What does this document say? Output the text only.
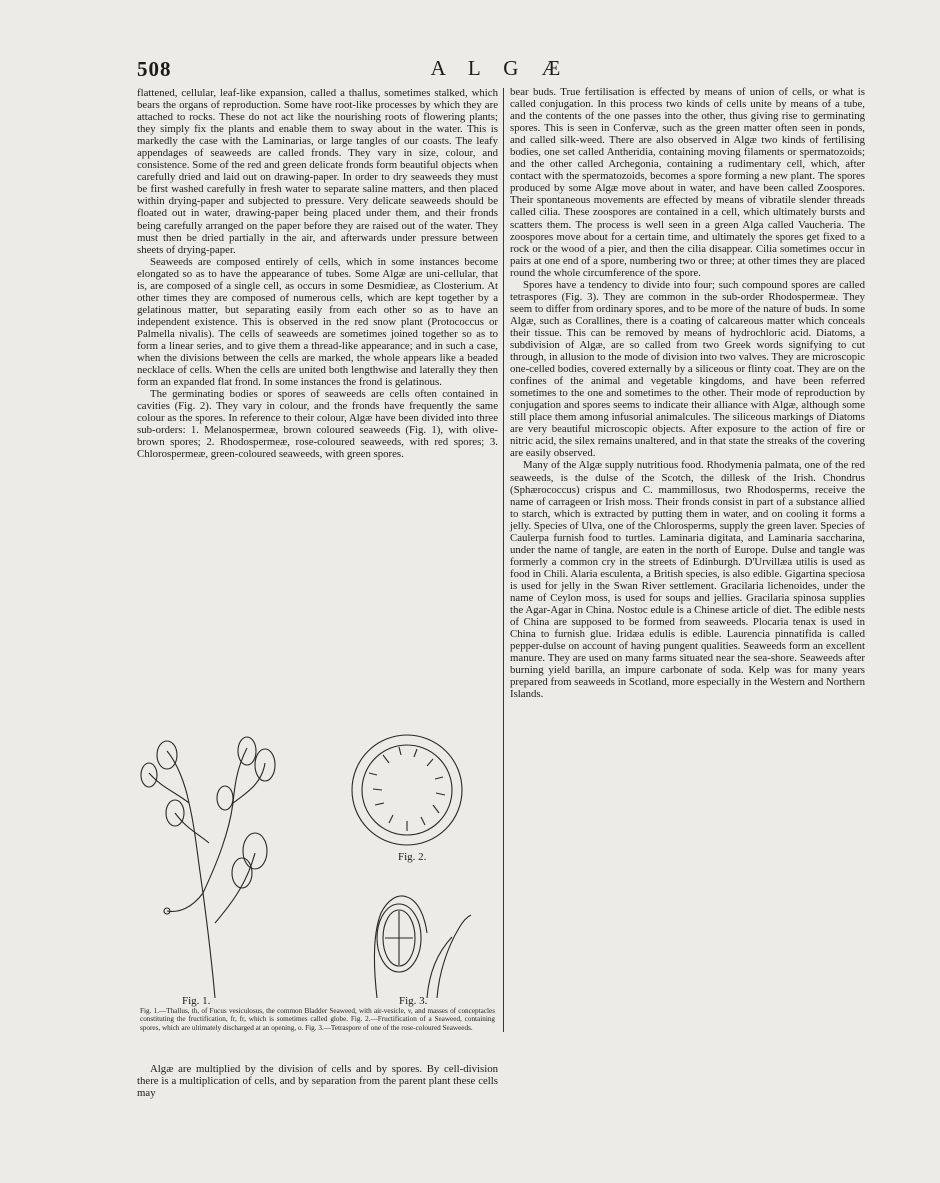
508	A L G Æ

flattened, cellular, leaf-like expansion, called a thallus, sometimes stalked, which bears the organs of reproduction. Some have root-like processes by which they are attached to rocks. These do not act like the nourishing roots of flowering plants; they simply fix the plants and enable them to sway about in the water. This is markedly the case with the Laminarias, or large tangles of our coasts. The leafy appendages of seaweeds are called fronds. They vary in size, colour, and consistence. Some of the red and green delicate fronds form beautiful objects when carefully dried and laid out on drawing-paper. In order to dry seaweeds they must be first washed carefully in fresh water to separate saline matters, and then placed within drying-paper and subjected to pressure. Very delicate seaweeds should be floated out in water, drawing-paper being placed under them, and their fronds being carefully arranged on the paper before they are raised out of the water. They must then be dried partially in the air, and afterwards under pressure between sheets of drying-paper.

Seaweeds are composed entirely of cells, which in some instances become elongated so as to have the appearance of tubes. Some Algæ are uni-cellular, that is, are composed of a single cell, as occurs in some Desmidieæ, as Closterium. At other times they are composed of numerous cells, which are kept together by a gelatinous matter, but separating easily from each other so as to have an independent existence. This is observed in the red snow plant (Protococcus or Palmella nivalis). The cells of seaweeds are sometimes joined together so as to form a linear series, and to give them a thread-like appearance; and in such a case, when the divisions between the cells are marked, the whole appears like a beaded necklace of cells. When the cells are united both lengthwise and laterally they then form an expanded flat frond. In some instances the frond is gelatinous.

The germinating bodies or spores of seaweeds are cells often contained in cavities (Fig. 2). They vary in colour, and the fronds have frequently the same colour as the spores. In reference to their colour, Algæ have been divided into three sub-orders: 1. Melanospermeæ, brown coloured seaweeds (Fig. 1), with olive-brown spores; 2. Rhodospermeæ, rose-coloured seaweeds, with red spores; 3. Chlorospermeæ, green-coloured seaweeds, with green spores.

Fig. 1.
Fig. 2.
Fig. 3.
Fig. 1.—Thallus, th, of Fucus vesiculosus, the common Bladder Seaweed, with air-vesicle, v, and masses of conceptacles constituting the fructification, fr, fr, which is sometimes called globe. Fig. 2.—Fructification of a Seaweed, containing spores, which are ultimately discharged at an opening, o. Fig. 3.—Tetraspore of one of the rose-coloured Seaweeds.

Algæ are multiplied by the division of cells and by spores. By cell-division there is a multiplication of cells, and by separation from the parent plant these cells may

bear buds. True fertilisation is effected by means of union of cells, or what is called conjugation. In this process two kinds of cells unite by means of a tube, and the contents of the one passes into the other, thus giving rise to germinating spores. This is seen in Confervæ, such as the green matter often seen in ponds, and called silk-weed. There are also observed in Algæ two kinds of fertilising bodies, one set called Antheridia, containing moving filaments or spermatozoids; and the other called Archegonia, containing a rudimentary cell, which, after contact with the spermatozoids, becomes a spore forming a new plant. The spores produced by some Algæ move about in water, and have been called Zoospores. Their spontaneous movements are effected by means of vibratile slender threads called cilia. These zoospores are contained in a cell, which ultimately bursts and scatters them. The process is well seen in a green Alga called Vaucheria. The zoospores move about for a certain time, and ultimately the spores get fixed to a rock or the wood of a pier, and then the cilia disappear. Cilia sometimes occur in pairs at one end of a spore, numbering two or three; at other times they are placed round the whole circumference of the spore.

Spores have a tendency to divide into four; such compound spores are called tetraspores (Fig. 3). They are common in the sub-order Rhodospermeæ. They seem to differ from ordinary spores, and to be more of the nature of buds. In some Algæ, such as Corallines, there is a coating of calcareous matter which conceals their tissue. This can be removed by means of hydrochloric acid. Diatoms, a subdivision of Algæ, are so called from two Greek words signifying to cut through, in allusion to the mode of division into two valves. They are microscopic one-celled bodies, covered externally by a siliceous or flinty coat. They are on the confines of the animal and vegetable kingdoms, and have been referred sometimes to the one and sometimes to the other. Their mode of reproduction by conjugation and spores seems to indicate their alliance with Algæ, although some still place them among infusorial animalcules. The siliceous markings of Diatoms are very beautiful microscopic objects. After exposure to the action of fire or nitric acid, the silex remains unaltered, and in that state the streaks of the covering are easily observed.

Many of the Algæ supply nutritious food. Rhodymenia palmata, one of the red seaweeds, is the dulse of the Scotch, the dillesk of the Irish. Chondrus (Sphærococcus) crispus and C. mammillosus, two Rhodosperms, receive the name of carrageen or Irish moss. Their fronds consist in part of a substance allied to starch, which is extracted by putting them in water, and on cooling it forms a jelly. Species of Ulva, one of the Chlorosperms, supply the green laver. Species of Caulerpa furnish food to turtles. Laminaria digitata, and Laminaria saccharina, under the name of tangle, are eaten in the north of Europe. Dulse and tangle was formerly a common cry in the streets of Edinburgh. D'Urvillæa utilis is used as food in Chili. Alaria esculenta, a British species, is also edible. Gigartina speciosa is used for jelly in the Swan River settlement. Gracilaria lichenoides, under the name of Ceylon moss, is used for soups and jellies. Gracilaria spinosa supplies the Agar-Agar in China. Nostoc edule is a Chinese article of diet. The edible nests of China are supposed to be formed from seaweeds. Plocaria tenax is used in China to furnish glue. Iridæa edulis is edible. Laurencia pinnatifida is called pepper-dulse on account of having pungent qualities. Seaweeds form an excellent manure. They are used on many farms situated near the sea-shore. Seaweeds after burning yield barilla, an impure carbonate of soda. Kelp was for many years prepared from seaweeds in Scotland, more especially in the Western and Northern Islands.
